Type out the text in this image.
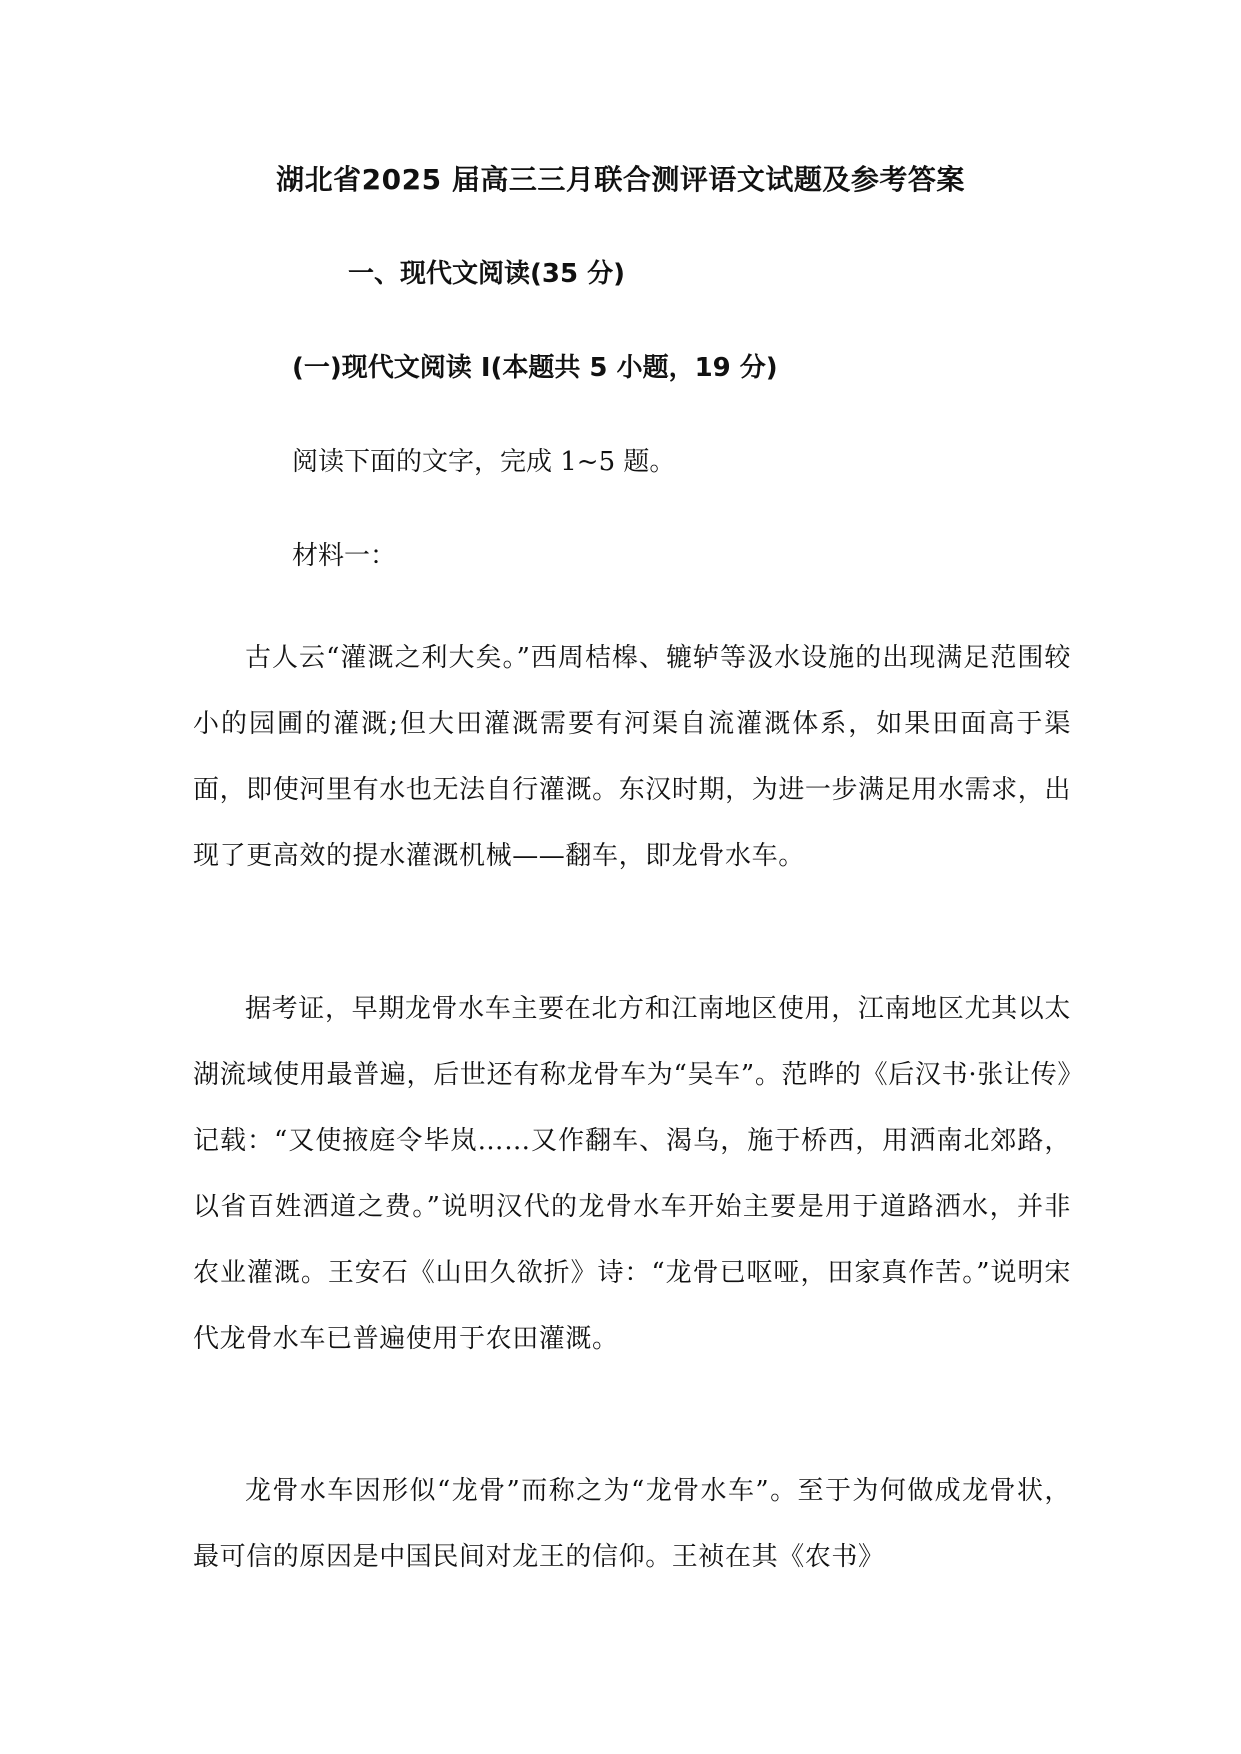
湖北省2025 届高三三月联合测评语文试题及参考答案
一、现代文阅读(35 分)
(一)现代文阅读 I(本题共 5 小题，19 分)

阅读下面的文字，完成 1~5 题。

材料一：

古人云“灌溉之利大矣。”西周桔槔、辘轳等汲水设施的出现满足范围较小的园圃的灌溉;但大田灌溉需要有河渠自流灌溉体系，如果田面高于渠面，即使河里有水也无法自行灌溉。东汉时期，为进一步满足用水需求，出现了更高效的提水灌溉机械——翻车，即龙骨水车。

据考证，早期龙骨水车主要在北方和江南地区使用，江南地区尤其以太湖流域使用最普遍，后世还有称龙骨车为“吴车”。范晔的《后汉书·张让传》记载：“又使掖庭令毕岚……又作翻车、渴乌，施于桥西，用洒南北郊路，以省百姓洒道之费。”说明汉代的龙骨水车开始主要是用于道路洒水，并非农业灌溉。王安石《山田久欲折》诗：“龙骨已呕哑，田家真作苦。”说明宋代龙骨水车已普遍使用于农田灌溉。

龙骨水车因形似“龙骨”而称之为“龙骨水车”。至于为何做成龙骨状，最可信的原因是中国民间对龙王的信仰。王祯在其《农书》
